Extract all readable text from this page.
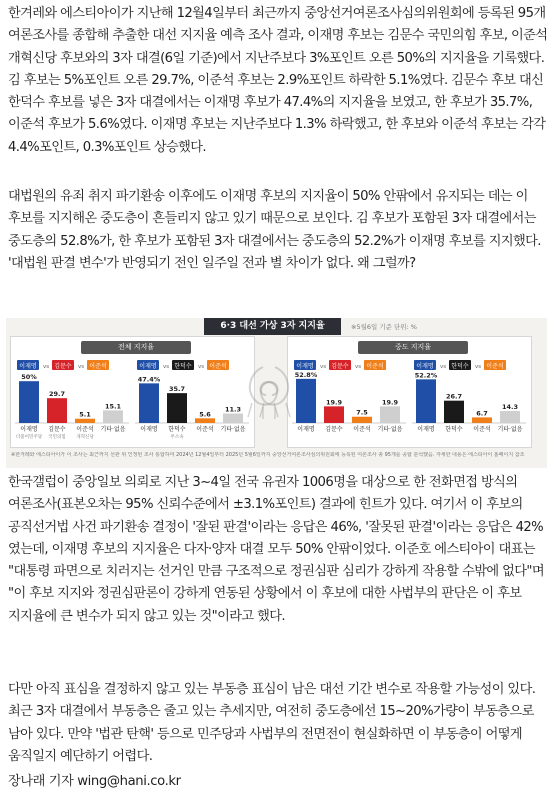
한겨레와 에스티아이가 지난해 12월4일부터 최근까지 중앙선거여론조사심의위원회에 등록된 95개 여론조사를 종합해 추출한 대선 지지율 예측 조사 결과, 이재명 후보는 김문수 국민의힘 후보, 이준석 개혁신당 후보와의 3자 대결(6일 기준)에서 지난주보다 3%포인트 오른 50%의 지지율을 기록했다. 김 후보는 5%포인트 오른 29.7%, 이준석 후보는 2.9%포인트 하락한 5.1%였다. 김문수 후보 대신 한덕수 후보를 넣은 3자 대결에서는 이재명 후보가 47.4%의 지지율을 보였고, 한 후보가 35.7%, 이준석 후보가 5.6%였다. 이재명 후보는 지난주보다 1.3% 하락했고, 한 후보와 이준석 후보는 각각 4.4%포인트, 0.3%포인트 상승했다.

대법원의 유죄 취지 파기환송 이후에도 이재명 후보의 지지율이 50% 안팎에서 유지되는 데는 이 후보를 지지해온 중도층이 흔들리지 않고 있기 때문으로 보인다. 김 후보가 포함된 3자 대결에서는 중도층의 52.8%가, 한 후보가 포함된 3자 대결에서는 중도층의 52.2%가 이재명 후보를 지지했다. '대법원 판결 변수'가 반영되기 전인 일주일 전과 별 차이가 없다. 왜 그럴까?

6·3 대선 가상 3자 지지율	※5월6일 기준 단위: %
전체 지지율
이재명 vs 김문수 vs 이준석
50%
이재명
더불어민주당
29.7
김문수
국민의힘
5.1
이준석
개혁신당
15.1
기타·없음
이재명 vs 한덕수 vs 이준석
47.4%
이재명
35.7
한덕수
무소속
5.6
이준석
11.3
기타·없음
중도 지지율
이재명 vs 김문수 vs 이준석
52.8%
이재명
19.9
김문수
7.5
이준석
19.9
기타·없음
이재명 vs 한덕수 vs 이준석
52.2%
이재명
26.7
한덕수
6.7
이준석
14.3
기타·없음
※한겨레와 에스티아이가 이 조사는 최근까지 선관 위 인정된 조사 통합하여 2024년 12월4일부터 2025년 5월6일까지 중앙선거여론조사심의위원회에 등록된 여론조사 총 95개를 종합 분석했음. 자세한 내용은 에스티아이 홈페이지 참조

한국갤럽이 중앙일보 의뢰로 지난 3~4일 전국 유권자 1006명을 대상으로 한 전화면접 방식의 여론조사(표본오차는 95% 신뢰수준에서 ±3.1%포인트) 결과에 힌트가 있다. 여기서 이 후보의 공직선거법 사건 파기환송 결정이 '잘된 판결'이라는 응답은 46%, '잘못된 판결'이라는 응답은 42%였는데, 이재명 후보의 지지율은 다자·양자 대결 모두 50% 안팎이었다. 이준호 에스티아이 대표는 "대통령 파면으로 치러지는 선거인 만큼 구조적으로 정권심판 심리가 강하게 작용할 수밖에 없다"며 "이 후보 지지와 정권심판론이 강하게 연동된 상황에서 이 후보에 대한 사법부의 판단은 이 후보 지지율에 큰 변수가 되지 않고 있는 것"이라고 했다.

다만 아직 표심을 결정하지 않고 있는 부동층 표심이 남은 대선 기간 변수로 작용할 가능성이 있다. 최근 3자 대결에서 부동층은 줄고 있는 추세지만, 여전히 중도층에선 15~20%가량이 부동층으로 남아 있다. 만약 '법관 탄핵' 등으로 민주당과 사법부의 전면전이 현실화하면 이 부동층이 어떻게 움직일지 예단하기 어렵다.

장나래 기자 wing@hani.co.kr
